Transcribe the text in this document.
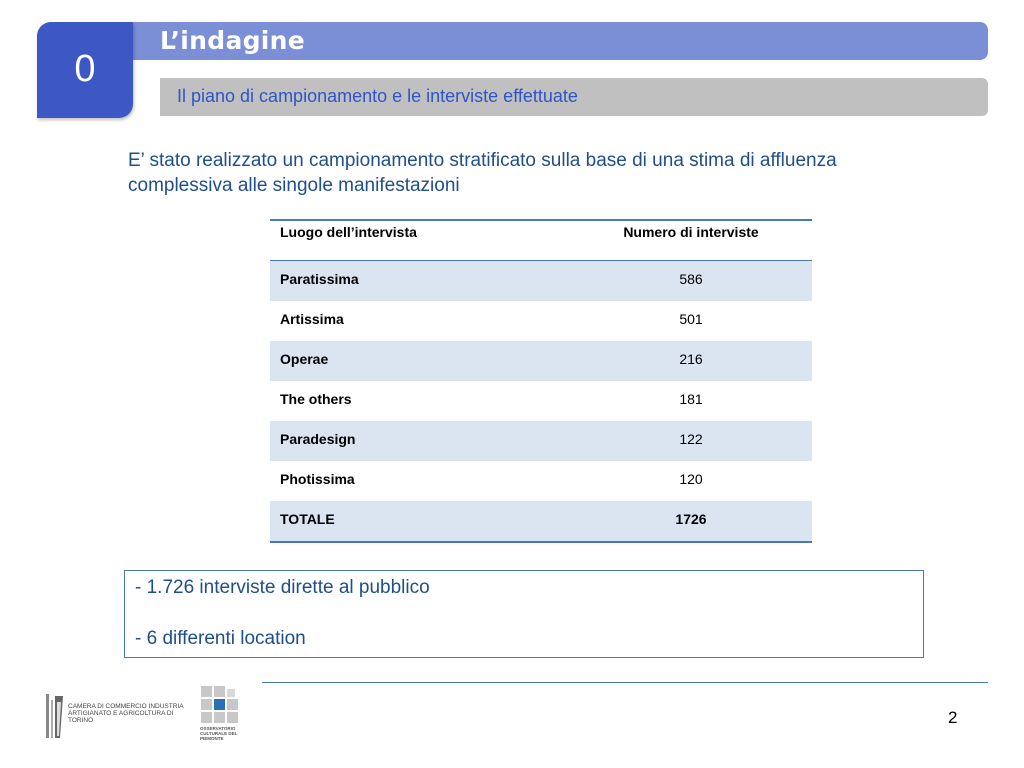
L’indagine
0
Il piano di campionamento e le interviste effettuate
E’ stato realizzato un campionamento stratificato sulla base di una stima di affluenza complessiva alle singole manifestazioni
Luogo dell’intervista	Numero di interviste
Paratissima	586
Artissima	501
Operae	216
The others	181
Paradesign	122
Photissima	120
TOTALE	1726
- 1.726 interviste dirette al pubblico
- 6 differenti location
CAMERA DI COMMERCIO INDUSTRIA ARTIGIANATO E AGRICOLTURA DI TORINO
OSSERVATORIO CULTURALE DEL PIEMONTE
2
